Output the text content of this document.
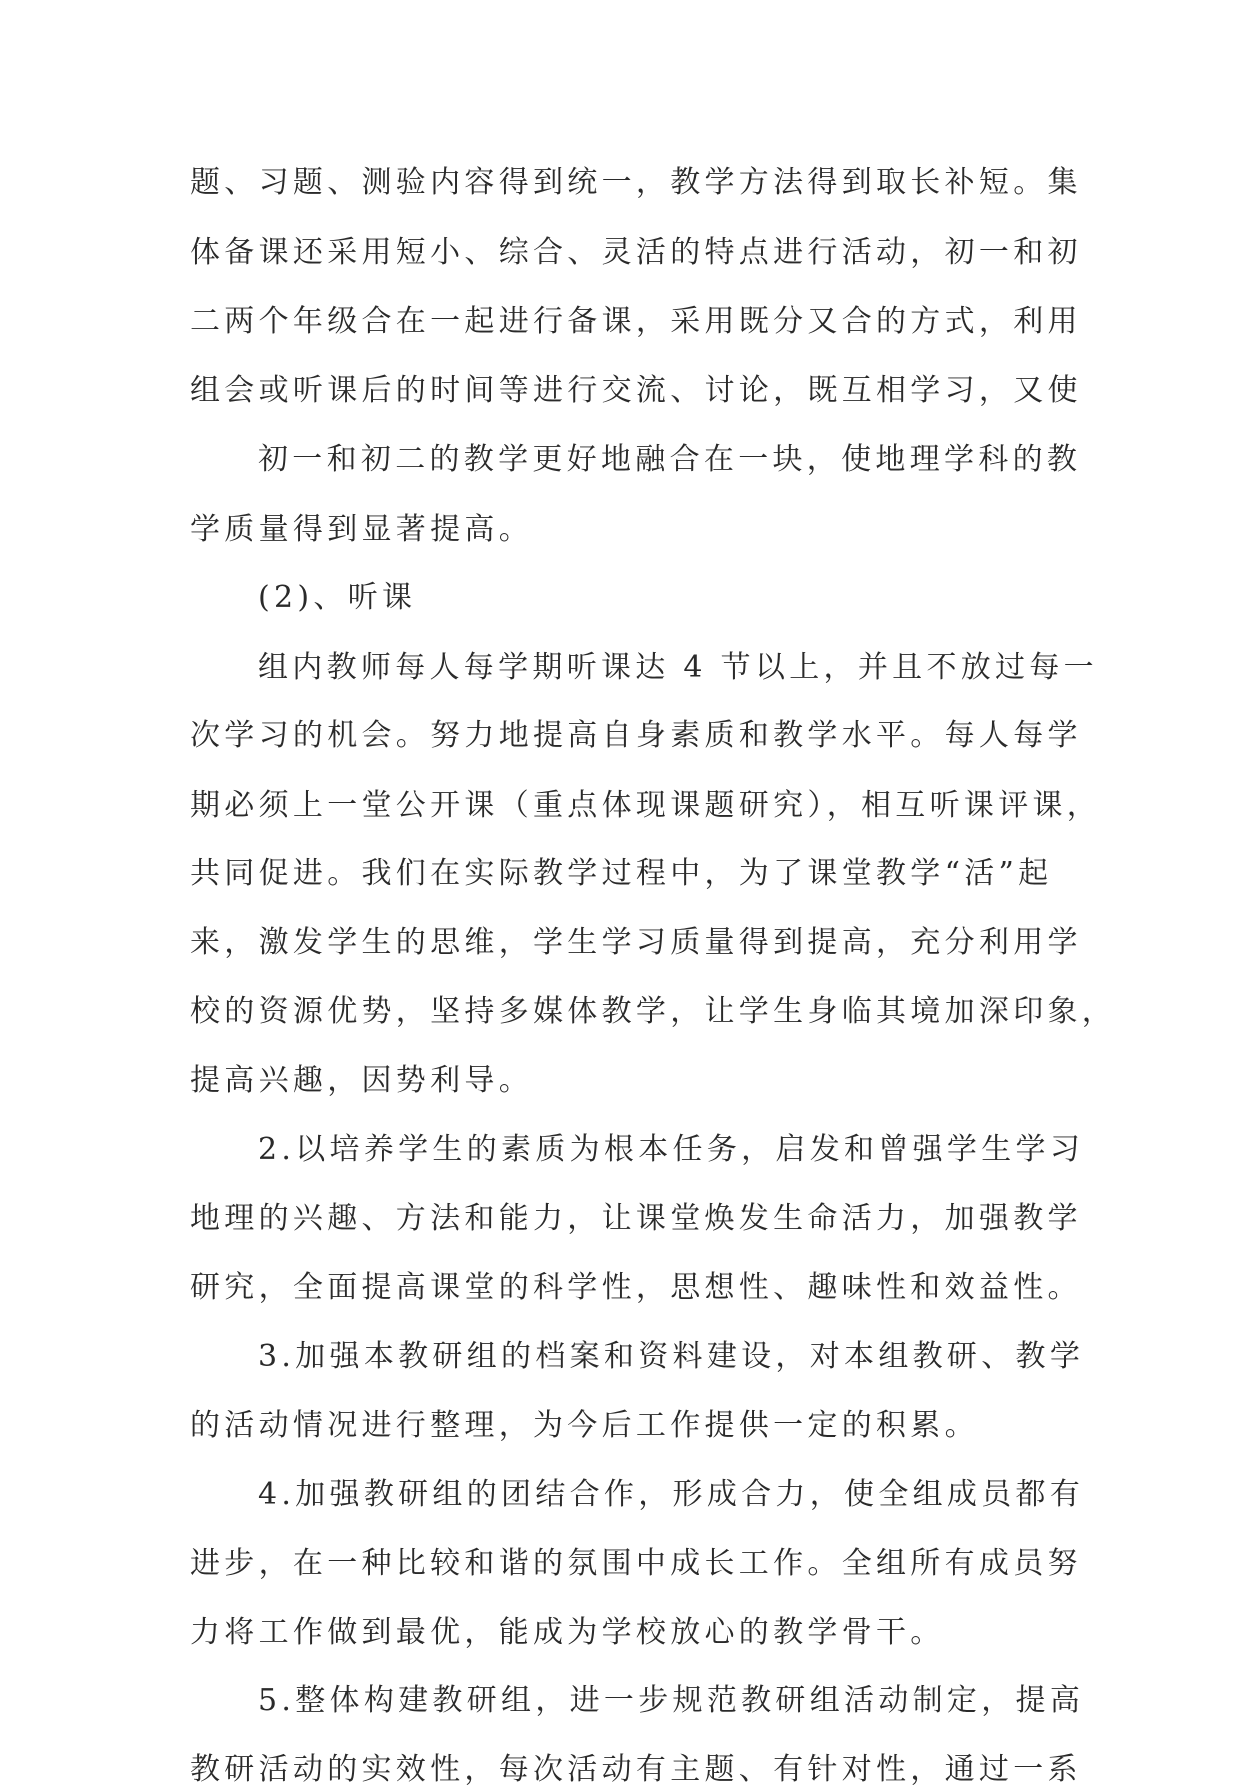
题、习题、测验内容得到统一，教学方法得到取长补短。集
体备课还采用短小、综合、灵活的特点进行活动，初一和初
二两个年级合在一起进行备课，采用既分又合的方式，利用
组会或听课后的时间等进行交流、讨论，既互相学习，又使
初一和初二的教学更好地融合在一块，使地理学科的教
学质量得到显著提高。
(2)、听课
组内教师每人每学期听课达 4 节以上，并且不放过每一
次学习的机会。努力地提高自身素质和教学水平。每人每学
期必须上一堂公开课（重点体现课题研究），相互听课评课，
共同促进。我们在实际教学过程中，为了课堂教学“活”起
来，激发学生的思维，学生学习质量得到提高，充分利用学
校的资源优势，坚持多媒体教学，让学生身临其境加深印象，
提高兴趣，因势利导。
2.以培养学生的素质为根本任务，启发和曾强学生学习
地理的兴趣、方法和能力，让课堂焕发生命活力，加强教学
研究，全面提高课堂的科学性，思想性、趣味性和效益性。
3.加强本教研组的档案和资料建设，对本组教研、教学
的活动情况进行整理，为今后工作提供一定的积累。
4.加强教研组的团结合作，形成合力，使全组成员都有
进步，在一种比较和谐的氛围中成长工作。全组所有成员努
力将工作做到最优，能成为学校放心的教学骨干。
5.整体构建教研组，进一步规范教研组活动制定，提高
教研活动的实效性，每次活动有主题、有针对性，通过一系
